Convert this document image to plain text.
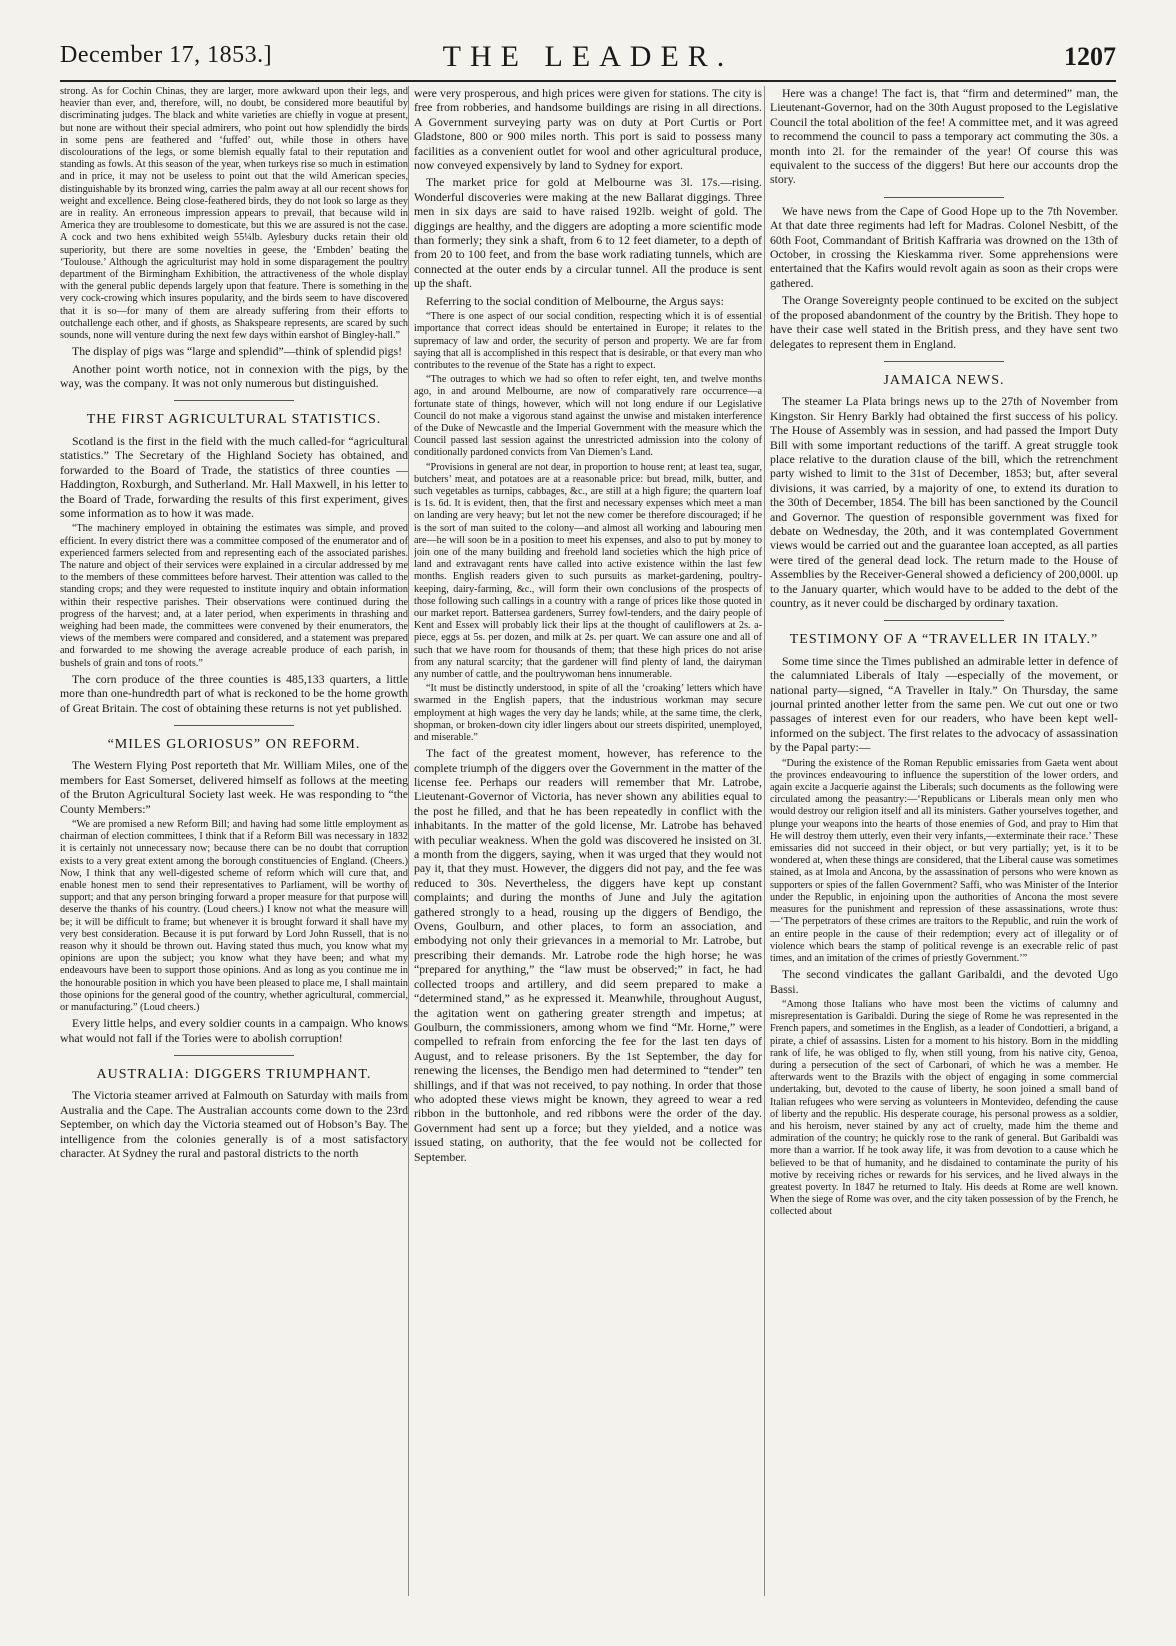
December 17, 1853.]	THE LEADER.	1207

strong. As for Cochin Chinas, they are larger, more awkward upon their legs, and heavier than ever, and, therefore, will, no doubt, be considered more beautiful by discriminating judges. The black and white varieties are chiefly in vogue at present, but none are without their special admirers, who point out how splendidly the birds in some pens are feathered and ‘fuffed’ out, while those in others have discolourations of the legs, or some blemish equally fatal to their reputation and standing as fowls. At this season of the year, when turkeys rise so much in estimation and in price, it may not be useless to point out that the wild American species, distinguishable by its bronzed wing, carries the palm away at all our recent shows for weight and excellence. Being close-feathered birds, they do not look so large as they are in reality. An erroneous impression appears to prevail, that because wild in America they are troublesome to domesticate, but this we are assured is not the case. A cock and two hens exhibited weigh 55¼lb. Aylesbury ducks retain their old superiority, but there are some novelties in geese, the ‘Embden’ beating the ‘Toulouse.’ Although the agriculturist may hold in some disparagement the poultry department of the Birmingham Exhibition, the attractiveness of the whole display with the general public depends largely upon that feature. There is something in the very cock-crowing which insures popularity, and the birds seem to have discovered that it is so—for many of them are already suffering from their efforts to outchallenge each other, and if ghosts, as Shakspeare represents, are scared by such sounds, none will venture during the next few days within earshot of Bingley-hall.”

The display of pigs was “large and splendid”—think of splendid pigs!

Another point worth notice, not in connexion with the pigs, by the way, was the company. It was not only numerous but distinguished.

THE FIRST AGRICULTURAL STATISTICS.

Scotland is the first in the field with the much called-for “agricultural statistics.” The Secretary of the Highland Society has obtained, and forwarded to the Board of Trade, the statistics of three counties —Haddington, Roxburgh, and Sutherland. Mr. Hall Maxwell, in his letter to the Board of Trade, forwarding the results of this first experiment, gives some information as to how it was made.

“The machinery employed in obtaining the estimates was simple, and proved efficient. In every district there was a committee composed of the enumerator and of experienced farmers selected from and representing each of the associated parishes. The nature and object of their services were explained in a circular addressed by me to the members of these committees before harvest. Their attention was called to the standing crops; and they were requested to institute inquiry and obtain information within their respective parishes. Their observations were continued during the progress of the harvest; and, at a later period, when experiments in thrashing and weighing had been made, the committees were convened by their enumerators, the views of the members were compared and considered, and a statement was prepared and forwarded to me showing the average acreable produce of each parish, in bushels of grain and tons of roots.”

The corn produce of the three counties is 485,133 quarters, a little more than one-hundredth part of what is reckoned to be the home growth of Great Britain. The cost of obtaining these returns is not yet published.

“MILES GLORIOSUS” ON REFORM.

The Western Flying Post reporteth that Mr. William Miles, one of the members for East Somerset, delivered himself as follows at the meeting of the Bruton Agricultural Society last week. He was responding to “the County Members:”

“We are promised a new Reform Bill; and having had some little employment as chairman of election committees, I think that if a Reform Bill was necessary in 1832 it is certainly not unnecessary now; because there can be no doubt that corruption exists to a very great extent among the borough constituencies of England. (Cheers.) Now, I think that any well-digested scheme of reform which will cure that, and enable honest men to send their representatives to Parliament, will be worthy of support; and that any person bringing forward a proper measure for that purpose will deserve the thanks of his country. (Loud cheers.) I know not what the measure will be; it will be difficult to frame; but whenever it is brought forward it shall have my very best consideration. Because it is put forward by Lord John Russell, that is no reason why it should be thrown out. Having stated thus much, you know what my opinions are upon the subject; you know what they have been; and what my endeavours have been to support those opinions. And as long as you continue me in the honourable position in which you have been pleased to place me, I shall maintain those opinions for the general good of the country, whether agricultural, commercial, or manufacturing.” (Loud cheers.)

Every little helps, and every soldier counts in a campaign. Who knows what would not fall if the Tories were to abolish corruption!

AUSTRALIA: DIGGERS TRIUMPHANT.

The Victoria steamer arrived at Falmouth on Saturday with mails from Australia and the Cape. The Australian accounts come down to the 23rd September, on which day the Victoria steamed out of Hobson’s Bay. The intelligence from the colonies generally is of a most satisfactory character. At Sydney the rural and pastoral districts to the north

were very prosperous, and high prices were given for stations. The city is free from robberies, and handsome buildings are rising in all directions. A Government surveying party was on duty at Port Curtis or Port Gladstone, 800 or 900 miles north. This port is said to possess many facilities as a convenient outlet for wool and other agricultural produce, now conveyed expensively by land to Sydney for export.

The market price for gold at Melbourne was 3l. 17s.—rising. Wonderful discoveries were making at the new Ballarat diggings. Three men in six days are said to have raised 192lb. weight of gold. The diggings are healthy, and the diggers are adopting a more scientific mode than formerly; they sink a shaft, from 6 to 12 feet diameter, to a depth of from 20 to 100 feet, and from the base work radiating tunnels, which are connected at the outer ends by a circular tunnel. All the produce is sent up the shaft.

Referring to the social condition of Melbourne, the Argus says:

“There is one aspect of our social condition, respecting which it is of essential importance that correct ideas should be entertained in Europe; it relates to the supremacy of law and order, the security of person and property. We are far from saying that all is accomplished in this respect that is desirable, or that every man who contributes to the revenue of the State has a right to expect.

“The outrages to which we had so often to refer eight, ten, and twelve months ago, in and around Melbourne, are now of comparatively rare occurrence—a fortunate state of things, however, which will not long endure if our Legislative Council do not make a vigorous stand against the unwise and mistaken interference of the Duke of Newcastle and the Imperial Government with the measure which the Council passed last session against the unrestricted admission into the colony of conditionally pardoned convicts from Van Diemen’s Land.

“Provisions in general are not dear, in proportion to house rent; at least tea, sugar, butchers’ meat, and potatoes are at a reasonable price: but bread, milk, butter, and such vegetables as turnips, cabbages, &c., are still at a high figure; the quartern loaf is 1s. 6d. It is evident, then, that the first and necessary expenses which meet a man on landing are very heavy; but let not the new comer be therefore discouraged; if he is the sort of man suited to the colony—and almost all working and labouring men are—he will soon be in a position to meet his expenses, and also to put by money to join one of the many building and freehold land societies which the high price of land and extravagant rents have called into active existence within the last few months. English readers given to such pursuits as market-gardening, poultry-keeping, dairy-farming, &c., will form their own conclusions of the prospects of those following such callings in a country with a range of prices like those quoted in our market report. Battersea gardeners, Surrey fowl-tenders, and the dairy people of Kent and Essex will probably lick their lips at the thought of cauliflowers at 2s. a-piece, eggs at 5s. per dozen, and milk at 2s. per quart. We can assure one and all of such that we have room for thousands of them; that these high prices do not arise from any natural scarcity; that the gardener will find plenty of land, the dairyman any number of cattle, and the poultrywoman hens innumerable.

“It must be distinctly understood, in spite of all the ‘croaking’ letters which have swarmed in the English papers, that the industrious workman may secure employment at high wages the very day he lands; while, at the same time, the clerk, shopman, or broken-down city idler lingers about our streets dispirited, unemployed, and miserable.”

The fact of the greatest moment, however, has reference to the complete triumph of the diggers over the Government in the matter of the license fee. Perhaps our readers will remember that Mr. Latrobe, Lieutenant-Governor of Victoria, has never shown any abilities equal to the post he filled, and that he has been repeatedly in conflict with the inhabitants. In the matter of the gold license, Mr. Latrobe has behaved with peculiar weakness. When the gold was discovered he insisted on 3l. a month from the diggers, saying, when it was urged that they would not pay it, that they must. However, the diggers did not pay, and the fee was reduced to 30s. Nevertheless, the diggers have kept up constant complaints; and during the months of June and July the agitation gathered strongly to a head, rousing up the diggers of Bendigo, the Ovens, Goulburn, and other places, to form an association, and embodying not only their grievances in a memorial to Mr. Latrobe, but prescribing their demands. Mr. Latrobe rode the high horse; he was “prepared for anything,” the “law must be observed;” in fact, he had collected troops and artillery, and did seem prepared to make a “determined stand,” as he expressed it. Meanwhile, throughout August, the agitation went on gathering greater strength and impetus; at Goulburn, the commissioners, among whom we find “Mr. Horne,” were compelled to refrain from enforcing the fee for the last ten days of August, and to release prisoners. By the 1st September, the day for renewing the licenses, the Bendigo men had determined to “tender” ten shillings, and if that was not received, to pay nothing. In order that those who adopted these views might be known, they agreed to wear a red ribbon in the buttonhole, and red ribbons were the order of the day. Government had sent up a force; but they yielded, and a notice was issued stating, on authority, that the fee would not be collected for September.

Here was a change! The fact is, that “firm and determined” man, the Lieutenant-Governor, had on the 30th August proposed to the Legislative Council the total abolition of the fee! A committee met, and it was agreed to recommend the council to pass a temporary act commuting the 30s. a month into 2l. for the remainder of the year! Of course this was equivalent to the success of the diggers! But here our accounts drop the story.

We have news from the Cape of Good Hope up to the 7th November. At that date three regiments had left for Madras. Colonel Nesbitt, of the 60th Foot, Commandant of British Kaffraria was drowned on the 13th of October, in crossing the Kieskamma river. Some apprehensions were entertained that the Kafirs would revolt again as soon as their crops were gathered.

The Orange Sovereignty people continued to be excited on the subject of the proposed abandonment of the country by the British. They hope to have their case well stated in the British press, and they have sent two delegates to represent them in England.

JAMAICA NEWS.

The steamer La Plata brings news up to the 27th of November from Kingston. Sir Henry Barkly had obtained the first success of his policy. The House of Assembly was in session, and had passed the Import Duty Bill with some important reductions of the tariff. A great struggle took place relative to the duration clause of the bill, which the retrenchment party wished to limit to the 31st of December, 1853; but, after several divisions, it was carried, by a majority of one, to extend its duration to the 30th of December, 1854. The bill has been sanctioned by the Council and Governor. The question of responsible government was fixed for debate on Wednesday, the 20th, and it was contemplated Government views would be carried out and the guarantee loan accepted, as all parties were tired of the general dead lock. The return made to the House of Assemblies by the Receiver-General showed a deficiency of 200,000l. up to the January quarter, which would have to be added to the debt of the country, as it never could be discharged by ordinary taxation.

TESTIMONY OF A “TRAVELLER IN ITALY.”

Some time since the Times published an admirable letter in defence of the calumniated Liberals of Italy —especially of the movement, or national party—signed, “A Traveller in Italy.” On Thursday, the same journal printed another letter from the same pen. We cut out one or two passages of interest even for our readers, who have been kept well-informed on the subject. The first relates to the advocacy of assassination by the Papal party:—

“During the existence of the Roman Republic emissaries from Gaeta went about the provinces endeavouring to influence the superstition of the lower orders, and again excite a Jacquerie against the Liberals; such documents as the following were circulated among the peasantry:—‘Republicans or Liberals mean only men who would destroy our religion itself and all its ministers. Gather yourselves together, and plunge your weapons into the hearts of those enemies of God, and pray to Him that He will destroy them utterly, even their very infants,—exterminate their race.’ These emissaries did not succeed in their object, or but very partially; yet, is it to be wondered at, when these things are considered, that the Liberal cause was sometimes stained, as at Imola and Ancona, by the assassination of persons who were known as supporters or spies of the fallen Government? Saffi, who was Minister of the Interior under the Republic, in enjoining upon the authorities of Ancona the most severe measures for the punishment and repression of these assassinations, wrote thus:—‘The perpetrators of these crimes are traitors to the Republic, and ruin the work of an entire people in the cause of their redemption; every act of illegality or of violence which bears the stamp of political revenge is an execrable relic of past times, and an imitation of the crimes of priestly Government.’”

The second vindicates the gallant Garibaldi, and the devoted Ugo Bassi.

“Among those Italians who have most been the victims of calumny and misrepresentation is Garibaldi. During the siege of Rome he was represented in the French papers, and sometimes in the English, as a leader of Condottieri, a brigand, a pirate, a chief of assassins. Listen for a moment to his history. Born in the middling rank of life, he was obliged to fly, when still young, from his native city, Genoa, during a persecution of the sect of Carbonari, of which he was a member. He afterwards went to the Brazils with the object of engaging in some commercial undertaking, but, devoted to the cause of liberty, he soon joined a small band of Italian refugees who were serving as volunteers in Montevideo, defending the cause of liberty and the republic. His desperate courage, his personal prowess as a soldier, and his heroism, never stained by any act of cruelty, made him the theme and admiration of the country; he quickly rose to the rank of general. But Garibaldi was more than a warrior. If he took away life, it was from devotion to a cause which he believed to be that of humanity, and he disdained to contaminate the purity of his motive by receiving riches or rewards for his services, and he lived always in the greatest poverty. In 1847 he returned to Italy. His deeds at Rome are well known. When the siege of Rome was over, and the city taken possession of by the French, he collected about
